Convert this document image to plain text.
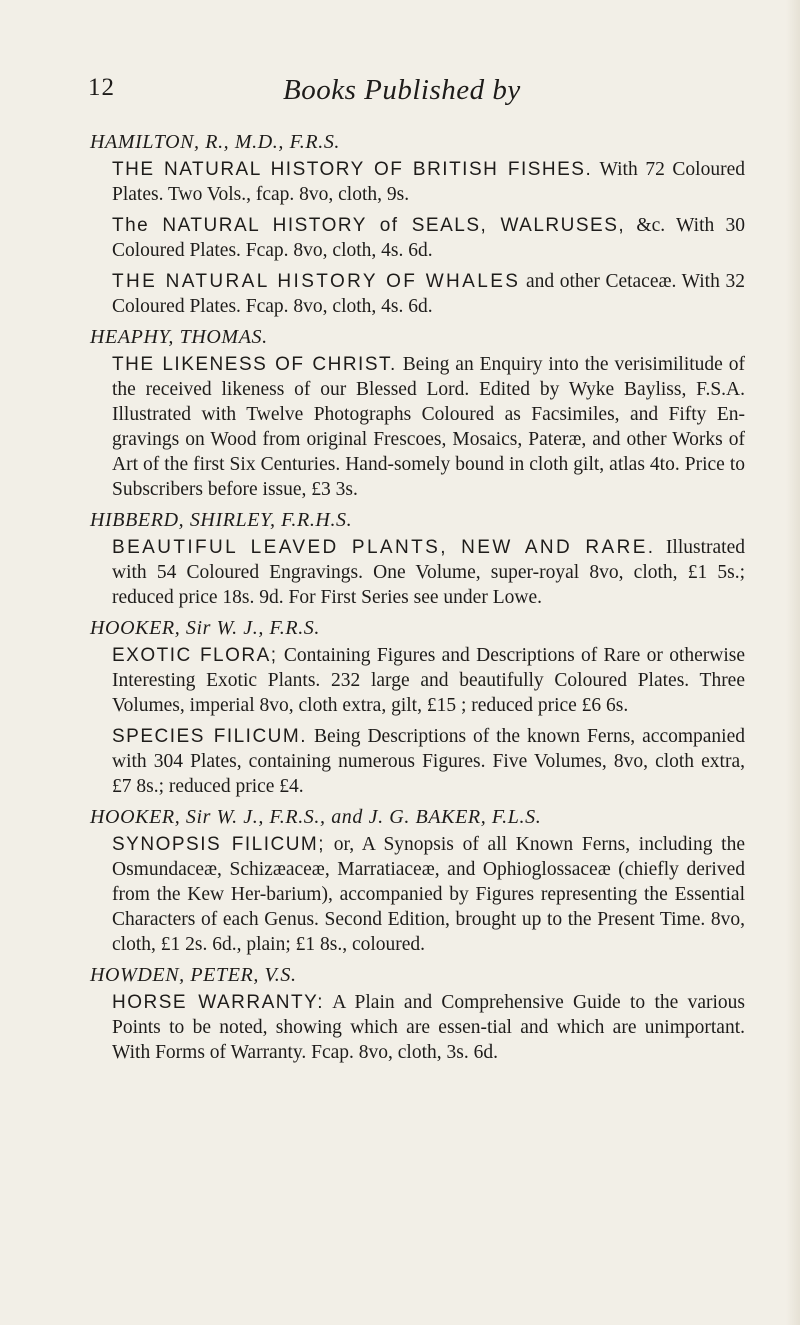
12	Books Published by

HAMILTON, R., M.D., F.R.S.

THE NATURAL HISTORY OF BRITISH FISHES. With 72 Coloured Plates. Two Vols., fcap. 8vo, cloth, 9s.

The NATURAL HISTORY of SEALS, WALRUSES, &c. With 30 Coloured Plates. Fcap. 8vo, cloth, 4s. 6d.

THE NATURAL HISTORY OF WHALES and other Cetaceæ. With 32 Coloured Plates. Fcap. 8vo, cloth, 4s. 6d.

HEAPHY, THOMAS.

THE LIKENESS OF CHRIST. Being an Enquiry into the verisimilitude of the received likeness of our Blessed Lord. Edited by Wyke Bayliss, F.S.A. Illustrated with Twelve Photographs Coloured as Facsimiles, and Fifty En-gravings on Wood from original Frescoes, Mosaics, Pateræ, and other Works of Art of the first Six Centuries. Hand-somely bound in cloth gilt, atlas 4to. Price to Subscribers before issue, £3 3s.

HIBBERD, SHIRLEY, F.R.H.S.

BEAUTIFUL LEAVED PLANTS, NEW AND RARE. Illustrated with 54 Coloured Engravings. One Volume, super-royal 8vo, cloth, £1 5s.; reduced price 18s. 9d. For First Series see under Lowe.

HOOKER, Sir W. J., F.R.S.

EXOTIC FLORA; Containing Figures and Descriptions of Rare or otherwise Interesting Exotic Plants. 232 large and beautifully Coloured Plates. Three Volumes, imperial 8vo, cloth extra, gilt, £15 ; reduced price £6 6s.

SPECIES FILICUM. Being Descriptions of the known Ferns, accompanied with 304 Plates, containing numerous Figures. Five Volumes, 8vo, cloth extra, £7 8s.; reduced price £4.

HOOKER, Sir W. J., F.R.S., and J. G. BAKER, F.L.S.

SYNOPSIS FILICUM; or, A Synopsis of all Known Ferns, including the Osmundaceæ, Schizæaceæ, Marratiaceæ, and Ophioglossaceæ (chiefly derived from the Kew Her-barium), accompanied by Figures representing the Essential Characters of each Genus. Second Edition, brought up to the Present Time. 8vo, cloth, £1 2s. 6d., plain; £1 8s., coloured.

HOWDEN, PETER, V.S.

HORSE WARRANTY: A Plain and Comprehensive Guide to the various Points to be noted, showing which are essen-tial and which are unimportant. With Forms of Warranty. Fcap. 8vo, cloth, 3s. 6d.
